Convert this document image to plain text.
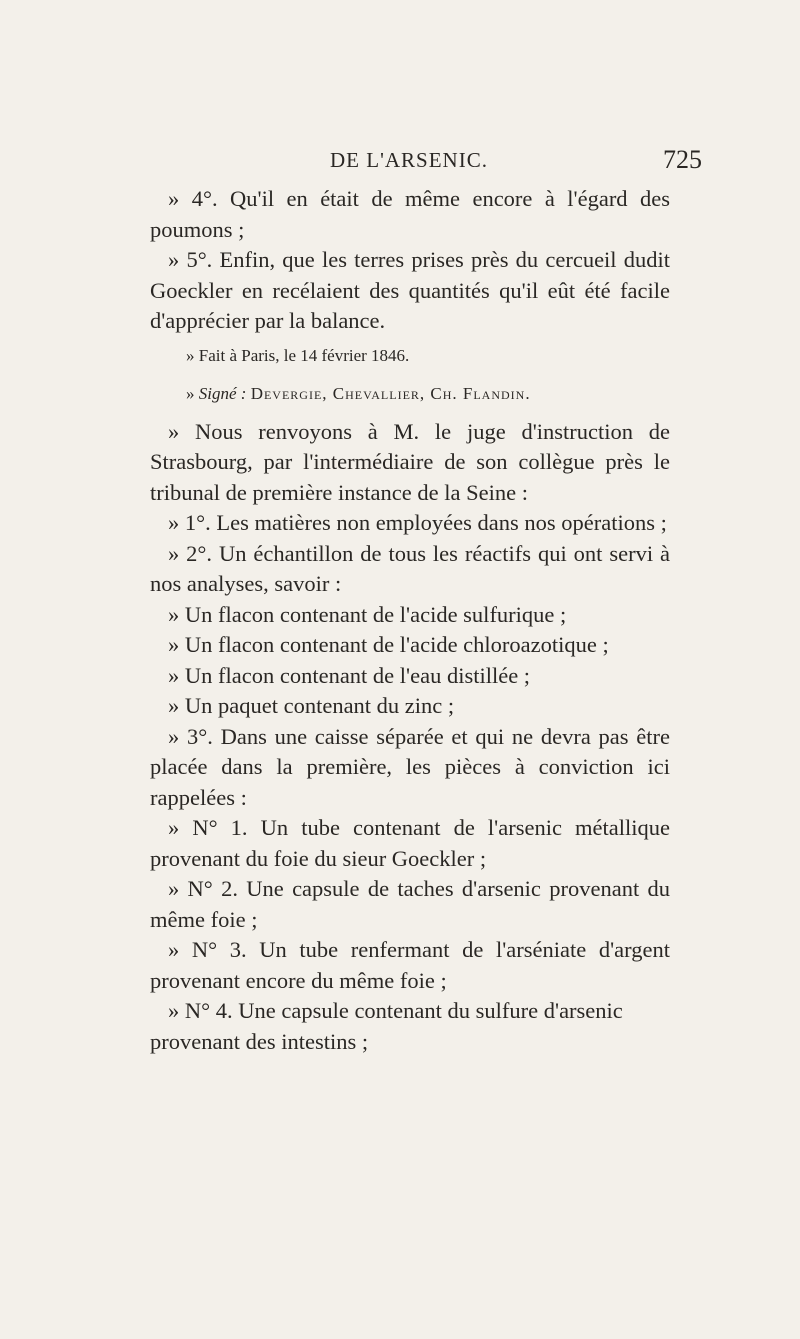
DE L'ARSENIC.	725

» 4°. Qu'il en était de même encore à l'égard des poumons ;

» 5°. Enfin, que les terres prises près du cercueil dudit Goeckler en recélaient des quantités qu'il eût été facile d'apprécier par la balance.

» Fait à Paris, le 14 février 1846.

» Signé : Devergie, Chevallier, Ch. Flandin.

» Nous renvoyons à M. le juge d'instruction de Strasbourg, par l'intermédiaire de son collègue près le tribunal de première instance de la Seine :

» 1°. Les matières non employées dans nos opérations ;

» 2°. Un échantillon de tous les réactifs qui ont servi à nos analyses, savoir :

» Un flacon contenant de l'acide sulfurique ;

» Un flacon contenant de l'acide chloroazotique ;

» Un flacon contenant de l'eau distillée ;

» Un paquet contenant du zinc ;

» 3°. Dans une caisse séparée et qui ne devra pas être placée dans la première, les pièces à conviction ici rappelées :

» N° 1. Un tube contenant de l'arsenic métallique provenant du foie du sieur Goeckler ;

» N° 2. Une capsule de taches d'arsenic provenant du même foie ;

» N° 3. Un tube renfermant de l'arséniate d'argent provenant encore du même foie ;

» N° 4. Une capsule contenant du sulfure d'arsenic provenant des intestins ;
